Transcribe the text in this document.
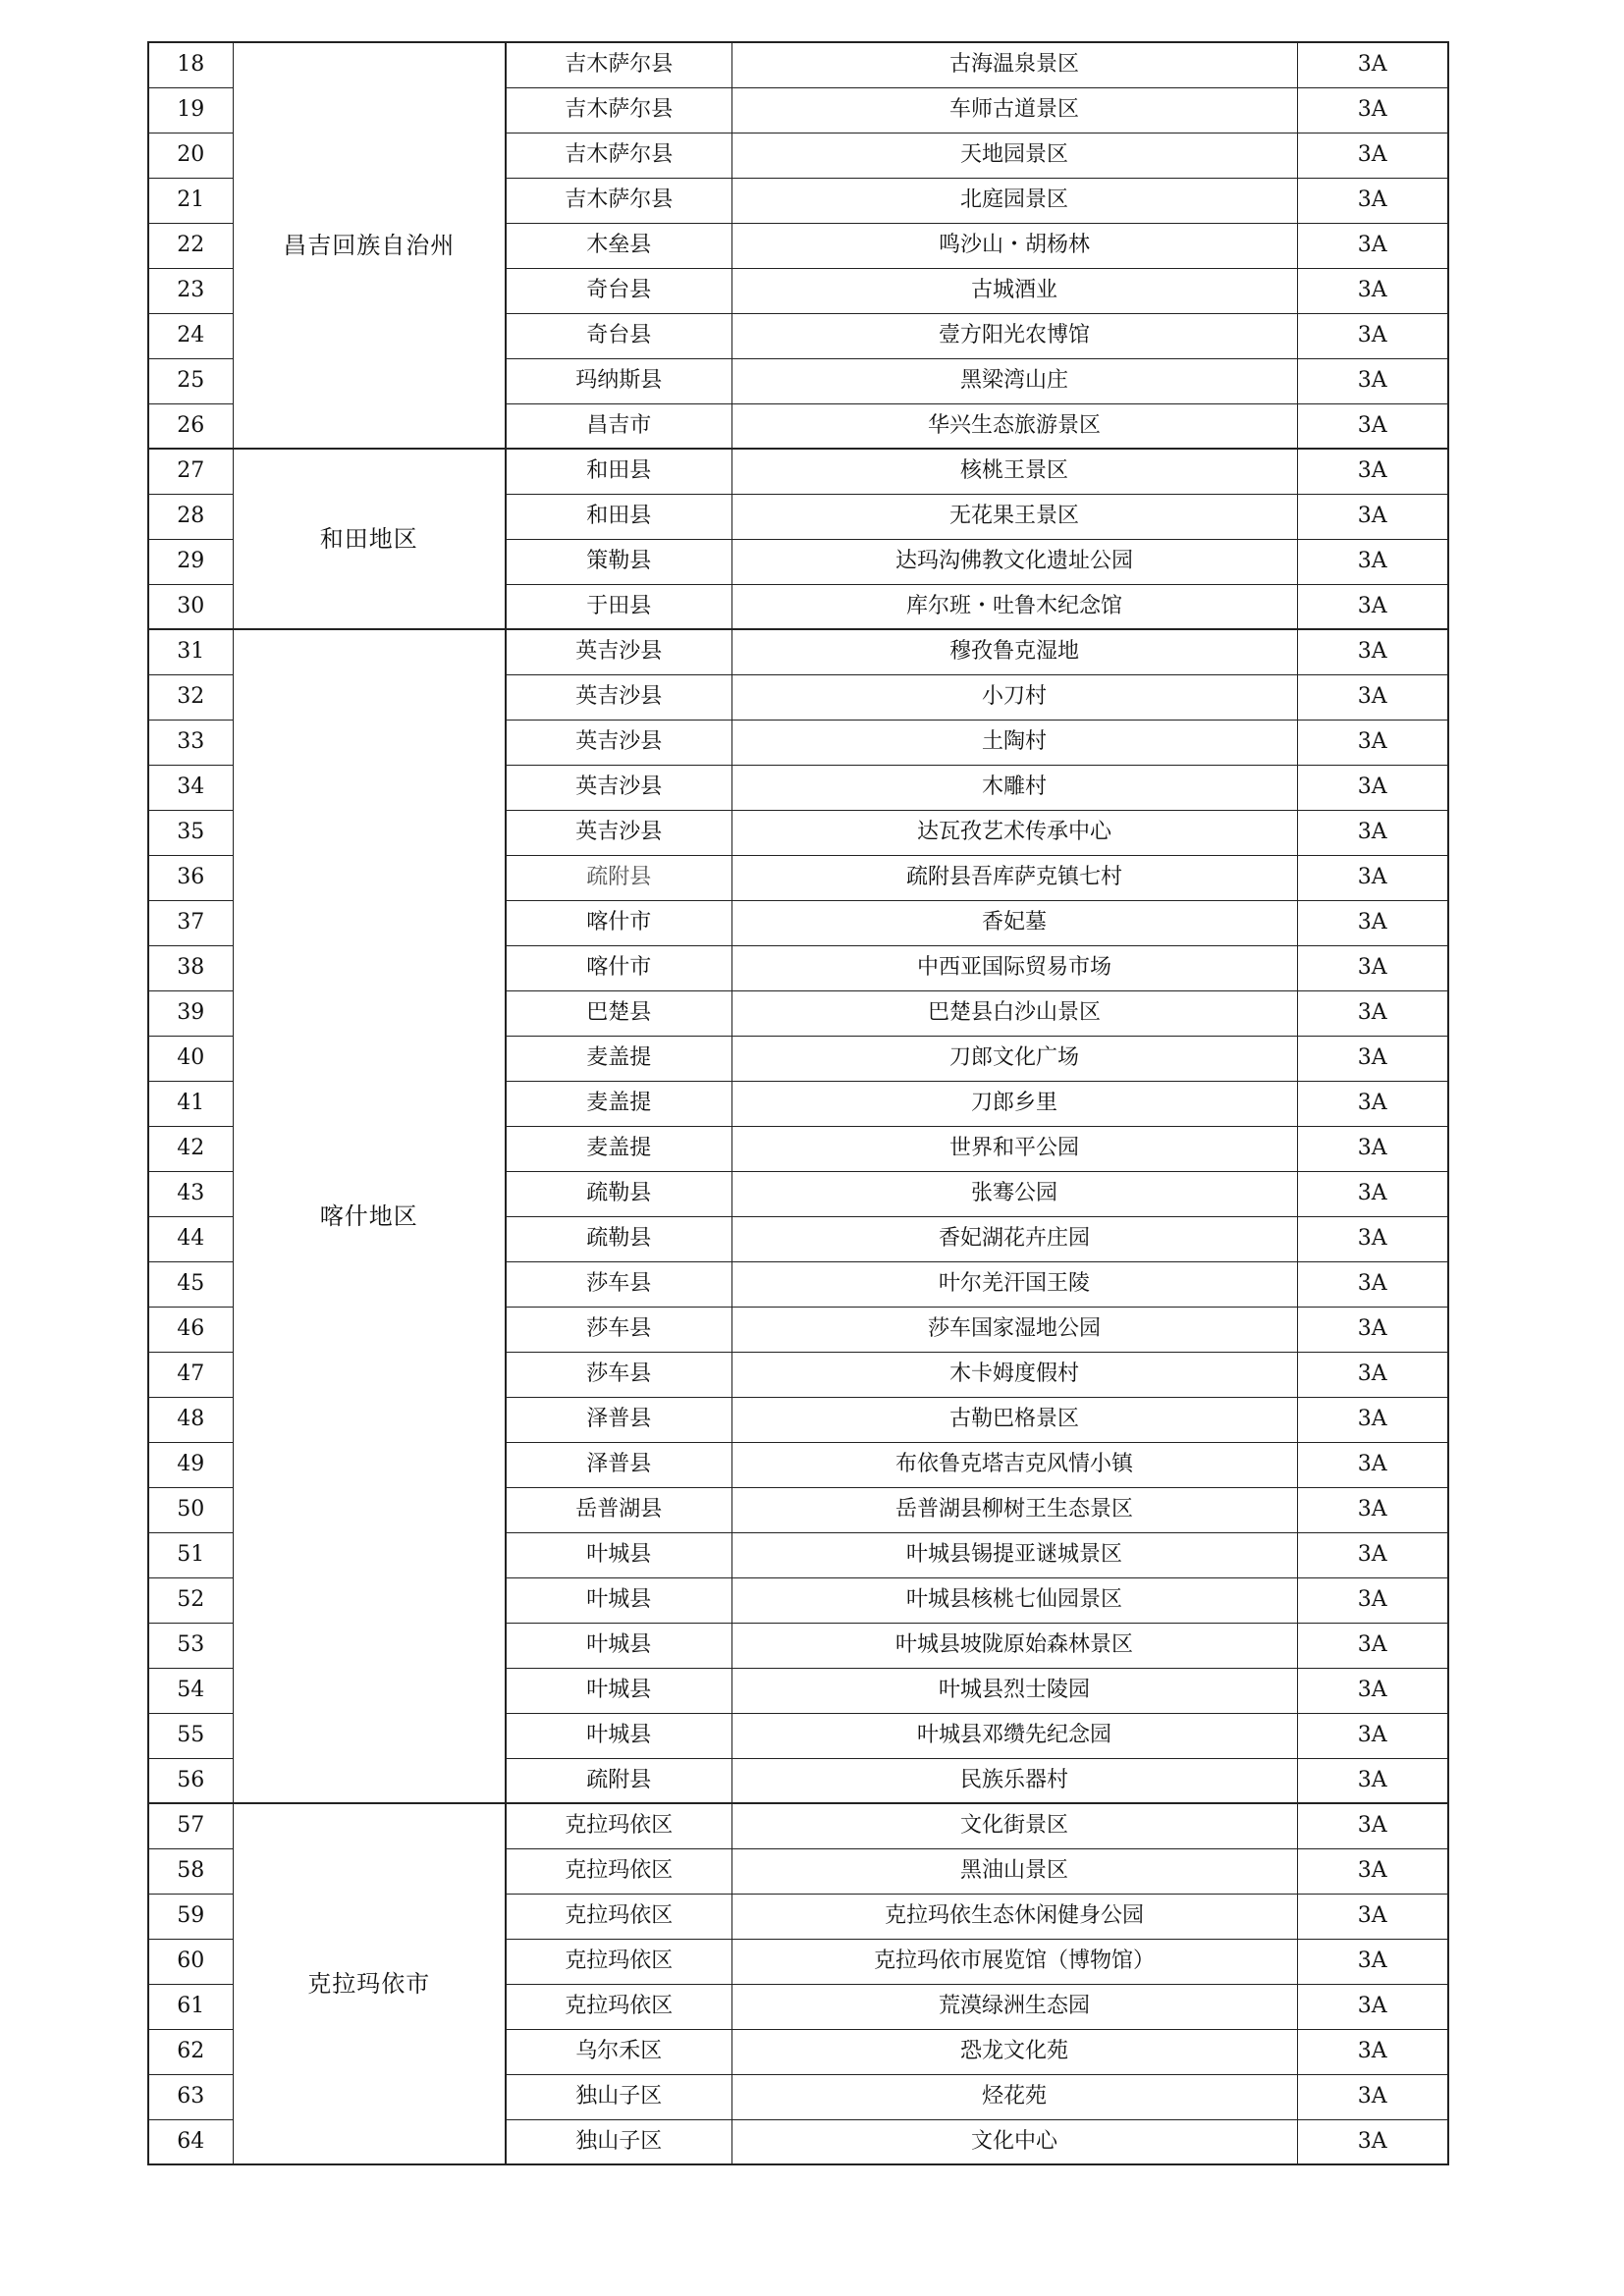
18	昌吉回族自治州	吉木萨尔县	古海温泉景区	3A
19		吉木萨尔县	车师古道景区	3A
20		吉木萨尔县	天地园景区	3A
21		吉木萨尔县	北庭园景区	3A
22		木垒县	鸣沙山・胡杨林	3A
23		奇台县	古城酒业	3A
24		奇台县	壹方阳光农博馆	3A
25		玛纳斯县	黑梁湾山庄	3A
26		昌吉市	华兴生态旅游景区	3A
27	和田地区	和田县	核桃王景区	3A
28		和田县	无花果王景区	3A
29		策勒县	达玛沟佛教文化遗址公园	3A
30		于田县	库尔班・吐鲁木纪念馆	3A
31	喀什地区	英吉沙县	穆孜鲁克湿地	3A
32		英吉沙县	小刀村	3A
33		英吉沙县	土陶村	3A
34		英吉沙县	木雕村	3A
35		英吉沙县	达瓦孜艺术传承中心	3A
36		疏附县	疏附县吾库萨克镇七村	3A
37		喀什市	香妃墓	3A
38		喀什市	中西亚国际贸易市场	3A
39		巴楚县	巴楚县白沙山景区	3A
40		麦盖提	刀郎文化广场	3A
41		麦盖提	刀郎乡里	3A
42		麦盖提	世界和平公园	3A
43		疏勒县	张骞公园	3A
44		疏勒县	香妃湖花卉庄园	3A
45		莎车县	叶尔羌汗国王陵	3A
46		莎车县	莎车国家湿地公园	3A
47		莎车县	木卡姆度假村	3A
48		泽普县	古勒巴格景区	3A
49		泽普县	布依鲁克塔吉克风情小镇	3A
50		岳普湖县	岳普湖县柳树王生态景区	3A
51		叶城县	叶城县锡提亚谜城景区	3A
52		叶城县	叶城县核桃七仙园景区	3A
53		叶城县	叶城县坡陇原始森林景区	3A
54		叶城县	叶城县烈士陵园	3A
55		叶城县	叶城县邓缵先纪念园	3A
56		疏附县	民族乐器村	3A
57	克拉玛依市	克拉玛依区	文化街景区	3A
58		克拉玛依区	黑油山景区	3A
59		克拉玛依区	克拉玛依生态休闲健身公园	3A
60		克拉玛依区	克拉玛依市展览馆（博物馆）	3A
61		克拉玛依区	荒漠绿洲生态园	3A
62		乌尔禾区	恐龙文化苑	3A
63		独山子区	烃花苑	3A
64		独山子区	文化中心	3A
